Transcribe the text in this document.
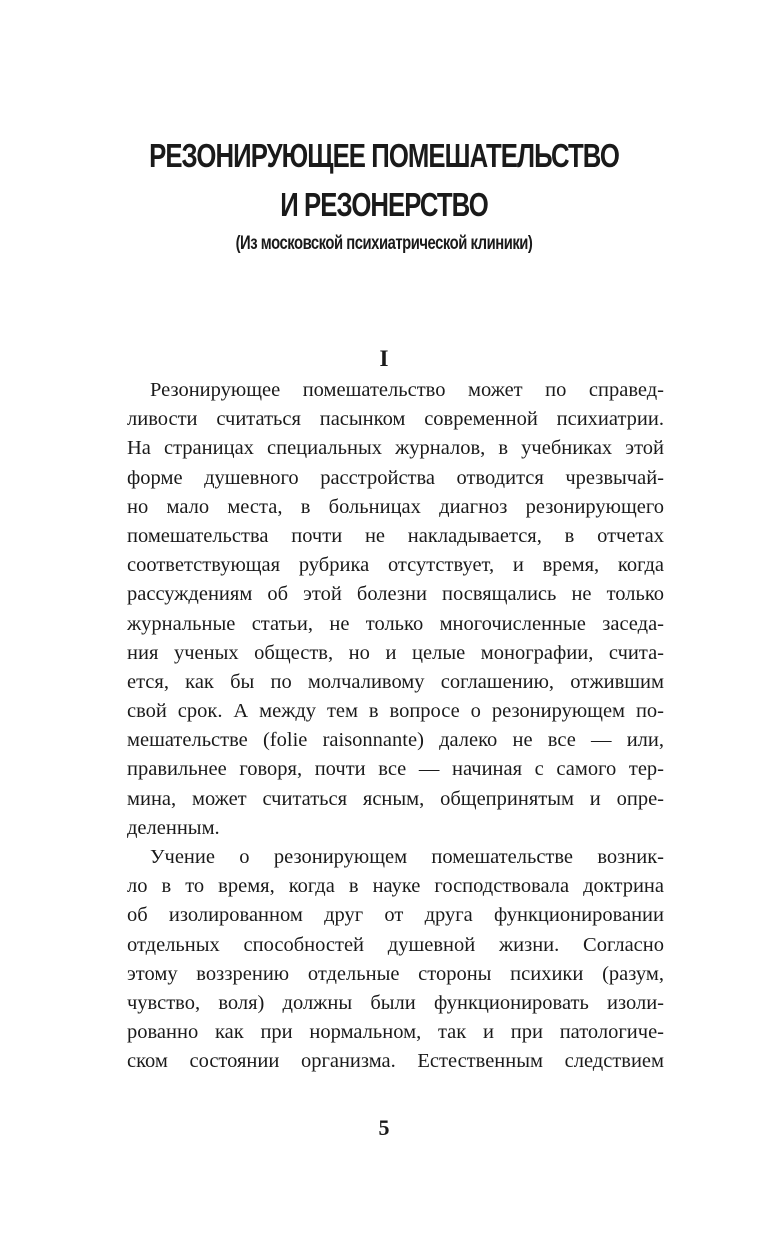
РЕЗОНИРУЮЩЕЕ ПОМЕШАТЕЛЬСТВО
И РЕЗОНЕРСТВО
(Из московской психиатрической клиники)
I
Резонирующее помешательство может по справед-
ливости считаться пасынком современной психиатрии.
На страницах специальных журналов, в учебниках этой
форме душевного расстройства отводится чрезвычай-
но мало места, в больницах диагноз резонирующего
помешательства почти не накладывается, в отчетах
соответствующая рубрика отсутствует, и время, когда
рассуждениям об этой болезни посвящались не только
журнальные статьи, не только многочисленные заседа-
ния ученых обществ, но и целые монографии, счита-
ется, как бы по молчаливому соглашению, отжившим
свой срок. А между тем в вопросе о резонирующем по-
мешательстве (folie raisonnante) далеко не все — или,
правильнее говоря, почти все — начиная с самого тер-
мина, может считаться ясным, общепринятым и опре-
деленным.
Учение о резонирующем помешательстве возник-
ло в то время, когда в науке господствовала доктрина
об изолированном друг от друга функционировании
отдельных способностей душевной жизни. Согласно
этому воззрению отдельные стороны психики (разум,
чувство, воля) должны были функционировать изоли-
рованно как при нормальном, так и при патологиче-
ском состоянии организма. Естественным следствием
5
